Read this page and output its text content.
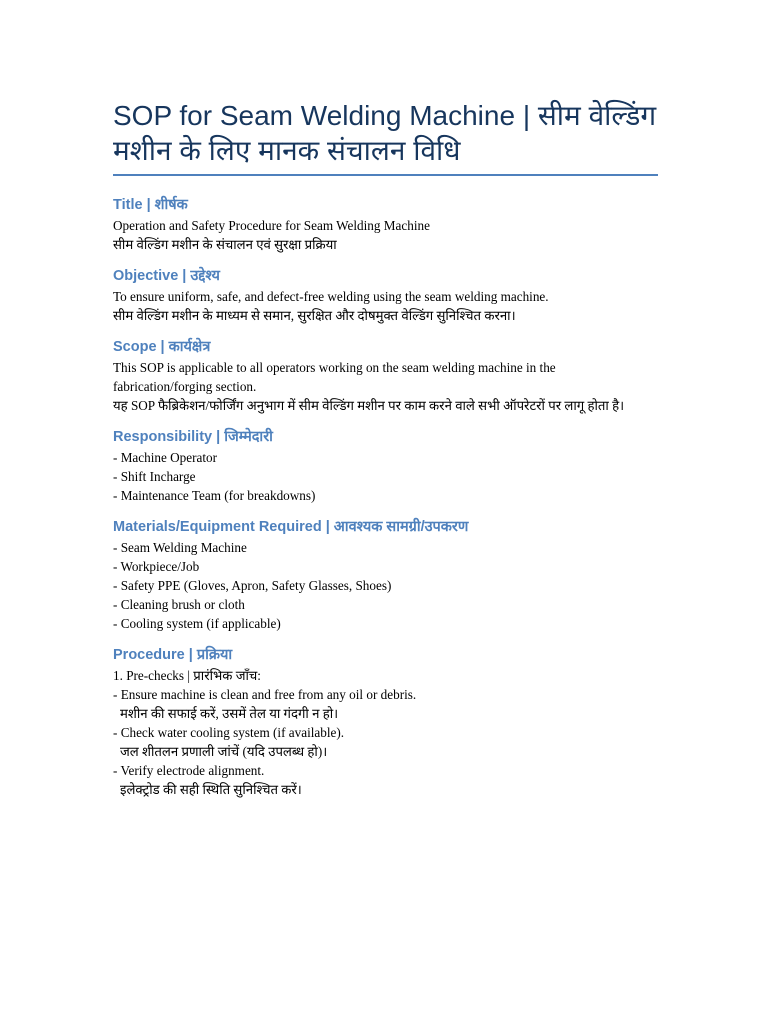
SOP for Seam Welding Machine | सीम वेल्डिंग मशीन के लिए मानक संचालन विधि
Title | शीर्षक
Operation and Safety Procedure for Seam Welding Machine
सीम वेल्डिंग मशीन के संचालन एवं सुरक्षा प्रक्रिया
Objective | उद्देश्य
To ensure uniform, safe, and defect-free welding using the seam welding machine.
सीम वेल्डिंग मशीन के माध्यम से समान, सुरक्षित और दोषमुक्त वेल्डिंग सुनिश्चित करना।
Scope | कार्यक्षेत्र
This SOP is applicable to all operators working on the seam welding machine in the fabrication/forging section.
यह SOP फैब्रिकेशन/फोर्जिंग अनुभाग में सीम वेल्डिंग मशीन पर काम करने वाले सभी ऑपरेटरों पर लागू होता है।
Responsibility | जिम्मेदारी
- Machine Operator
- Shift Incharge
- Maintenance Team (for breakdowns)
Materials/Equipment Required | आवश्यक सामग्री/उपकरण
- Seam Welding Machine
- Workpiece/Job
- Safety PPE (Gloves, Apron, Safety Glasses, Shoes)
- Cleaning brush or cloth
- Cooling system (if applicable)
Procedure | प्रक्रिया
1. Pre-checks | प्रारंभिक जाँच:
- Ensure machine is clean and free from any oil or debris.
मशीन की सफाई करें, उसमें तेल या गंदगी न हो।
- Check water cooling system (if available).
जल शीतलन प्रणाली जांचें (यदि उपलब्ध हो)।
- Verify electrode alignment.
इलेक्ट्रोड की सही स्थिति सुनिश्चित करें।
